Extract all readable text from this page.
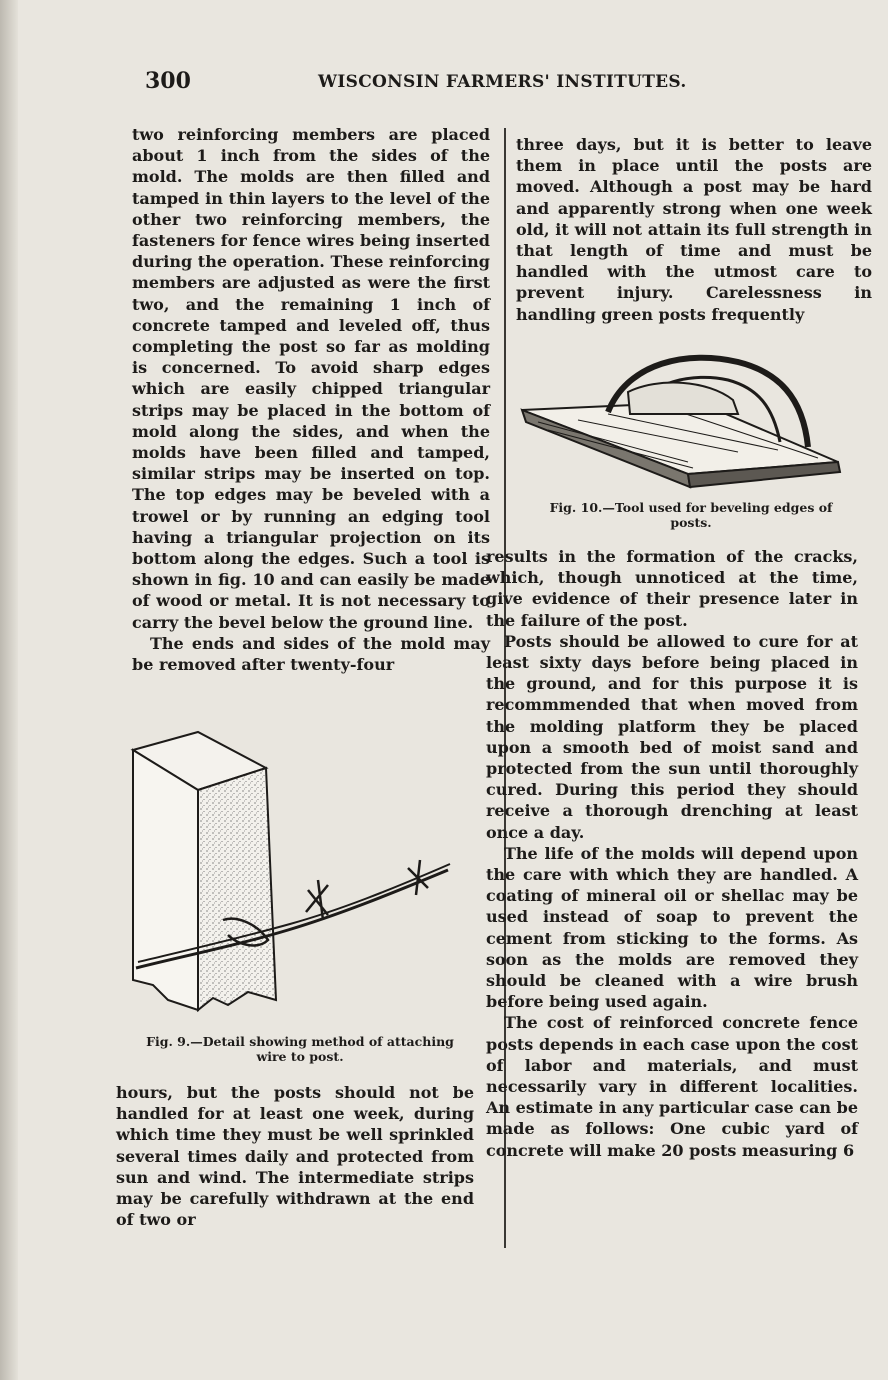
300	WISCONSIN FARMERS' INSTITUTES.

two reinforcing members are placed about 1 inch from the sides of the mold. The molds are then filled and tamped in thin layers to the level of the other two reinforcing members, the fasteners for fence wires being inserted during the operation. These reinforcing members are adjusted as were the first two, and the remaining 1 inch of concrete tamped and leveled off, thus completing the post so far as molding is concerned. To avoid sharp edges which are easily chipped triangular strips may be placed in the bottom of mold along the sides, and when the molds have been filled and tamped, similar strips may be inserted on top. The top edges may be beveled with a trowel or by running an edging tool having a triangular projection on its bottom along the edges. Such a tool is shown in fig. 10 and can easily be made of wood or metal. It is not necessary to carry the bevel below the ground line.

The ends and sides of the mold may be removed after twenty-four

Fig. 9.—Detail showing method of attaching wire to post.

hours, but the posts should not be handled for at least one week, during which time they must be well sprinkled several times daily and protected from sun and wind. The intermediate strips may be carefully withdrawn at the end of two or

three days, but it is better to leave them in place until the posts are moved. Although a post may be hard and apparently strong when one week old, it will not attain its full strength in that length of time and must be handled with the utmost care to prevent injury. Carelessness in handling green posts frequently

Fig. 10.—Tool used for beveling edges of posts.

results in the formation of the cracks, which, though unnoticed at the time, give evidence of their presence later in the failure of the post.

Posts should be allowed to cure for at least sixty days before being placed in the ground, and for this purpose it is recommmended that when moved from the molding platform they be placed upon a smooth bed of moist sand and protected from the sun until thoroughly cured. During this period they should receive a thorough drenching at least once a day.

The life of the molds will depend upon the care with which they are handled. A coating of mineral oil or shellac may be used instead of soap to prevent the cement from sticking to the forms. As soon as the molds are removed they should be cleaned with a wire brush before being used again.

The cost of reinforced concrete fence posts depends in each case upon the cost of labor and materials, and must necessarily vary in different localities. An estimate in any particular case can be made as follows: One cubic yard of concrete will make 20 posts measuring 6
